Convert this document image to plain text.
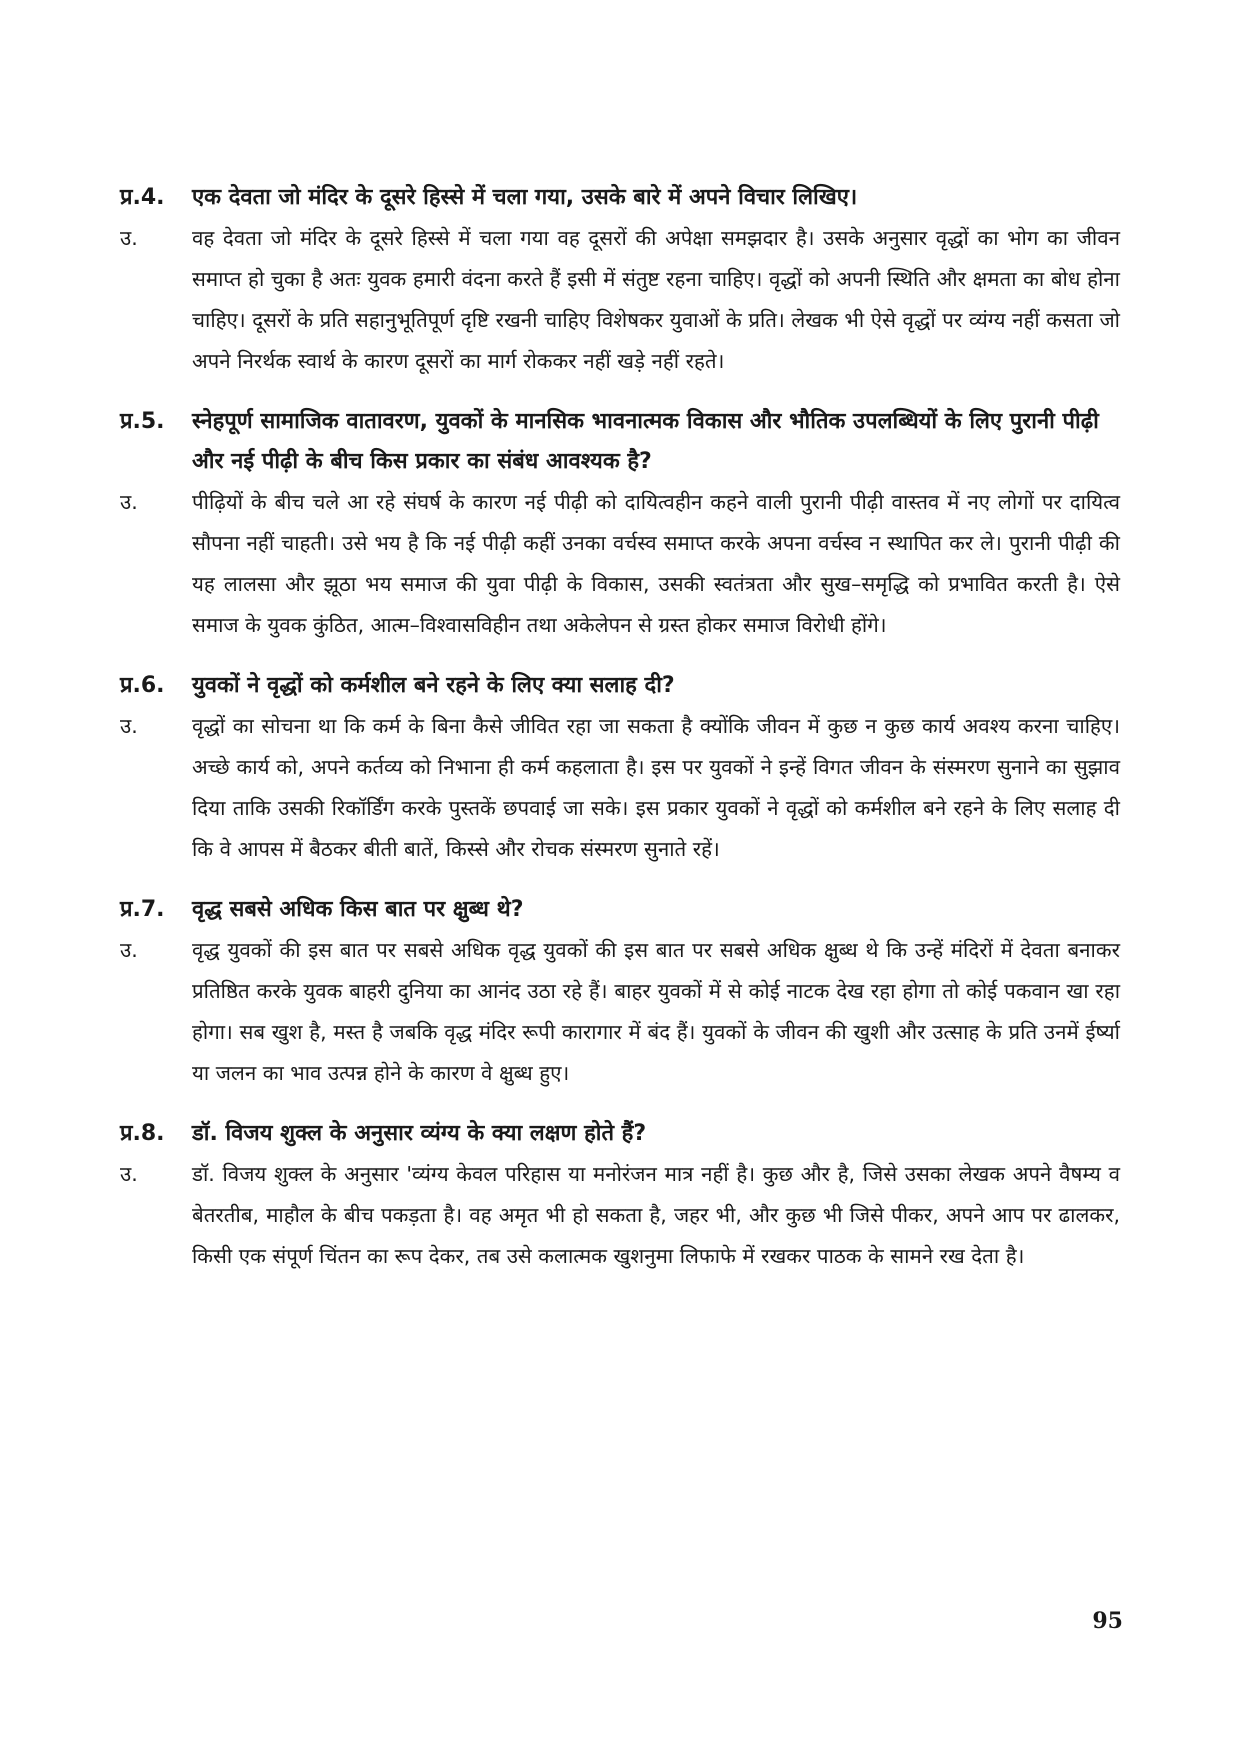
प्र.4.	एक देवता जो मंदिर के दूसरे हिस्से में चला गया, उसके बारे में अपने विचार लिखिए।
उ.	वह देवता जो मंदिर के दूसरे हिस्से में चला गया वह दूसरों की अपेक्षा समझदार है। उसके अनुसार वृद्धों का भोग का जीवन समाप्त हो चुका है अतः युवक हमारी वंदना करते हैं इसी में संतुष्ट रहना चाहिए। वृद्धों को अपनी स्थिति और क्षमता का बोध होना चाहिए। दूसरों के प्रति सहानुभूतिपूर्ण दृष्टि रखनी चाहिए विशेषकर युवाओं के प्रति। लेखक भी ऐसे वृद्धों पर व्यंग्य नहीं कसता जो अपने निरर्थक स्वार्थ के कारण दूसरों का मार्ग रोककर नहीं खड़े नहीं रहते।
प्र.5.	स्नेहपूर्ण सामाजिक वातावरण, युवकों के मानसिक भावनात्मक विकास और भौतिक उपलब्धियों के लिए पुरानी पीढ़ी और नई पीढ़ी के बीच किस प्रकार का संबंध आवश्यक है?
उ.	पीढ़ियों के बीच चले आ रहे संघर्ष के कारण नई पीढ़ी को दायित्वहीन कहने वाली पुरानी पीढ़ी वास्तव में नए लोगों पर दायित्व सौपना नहीं चाहती। उसे भय है कि नई पीढ़ी कहीं उनका वर्चस्व समाप्त करके अपना वर्चस्व न स्थापित कर ले। पुरानी पीढ़ी की यह लालसा और झूठा भय समाज की युवा पीढ़ी के विकास, उसकी स्वतंत्रता और सुख–समृद्धि को प्रभावित करती है। ऐसे समाज के युवक कुंठित, आत्म–विश्वासविहीन तथा अकेलेपन से ग्रस्त होकर समाज विरोधी होंगे।
प्र.6.	युवकों ने वृद्धों को कर्मशील बने रहने के लिए क्या सलाह दी?
उ.	वृद्धों का सोचना था कि कर्म के बिना कैसे जीवित रहा जा सकता है क्योंकि जीवन में कुछ न कुछ कार्य अवश्य करना चाहिए। अच्छे कार्य को, अपने कर्तव्य को निभाना ही कर्म कहलाता है। इस पर युवकों ने इन्हें विगत जीवन के संस्मरण सुनाने का सुझाव दिया ताकि उसकी रिकॉर्डिंग करके पुस्तकें छपवाई जा सके। इस प्रकार युवकों ने वृद्धों को कर्मशील बने रहने के लिए सलाह दी कि वे आपस में बैठकर बीती बातें, किस्से और रोचक संस्मरण सुनाते रहें।
प्र.7.	वृद्ध सबसे अधिक किस बात पर क्षुब्ध थे?
उ.	वृद्ध युवकों की इस बात पर सबसे अधिक वृद्ध युवकों की इस बात पर सबसे अधिक क्षुब्ध थे कि उन्हें मंदिरों में देवता बनाकर प्रतिष्ठित करके युवक बाहरी दुनिया का आनंद उठा रहे हैं। बाहर युवकों में से कोई नाटक देख रहा होगा तो कोई पकवान खा रहा होगा। सब खुश है, मस्त है जबकि वृद्ध मंदिर रूपी कारागार में बंद हैं। युवकों के जीवन की खुशी और उत्साह के प्रति उनमें ईर्ष्या या जलन का भाव उत्पन्न होने के कारण वे क्षुब्ध हुए।
प्र.8.	डॉ. विजय शुक्ल के अनुसार व्यंग्य के क्या लक्षण होते हैं?
उ.	डॉ. विजय शुक्ल के अनुसार 'व्यंग्य केवल परिहास या मनोरंजन मात्र नहीं है। कुछ और है, जिसे उसका लेखक अपने वैषम्य व बेतरतीब, माहौल के बीच पकड़ता है। वह अमृत भी हो सकता है, जहर भी, और कुछ भी जिसे पीकर, अपने आप पर ढालकर, किसी एक संपूर्ण चिंतन का रूप देकर, तब उसे कलात्मक खुशनुमा लिफाफे में रखकर पाठक के सामने रख देता है।
95
